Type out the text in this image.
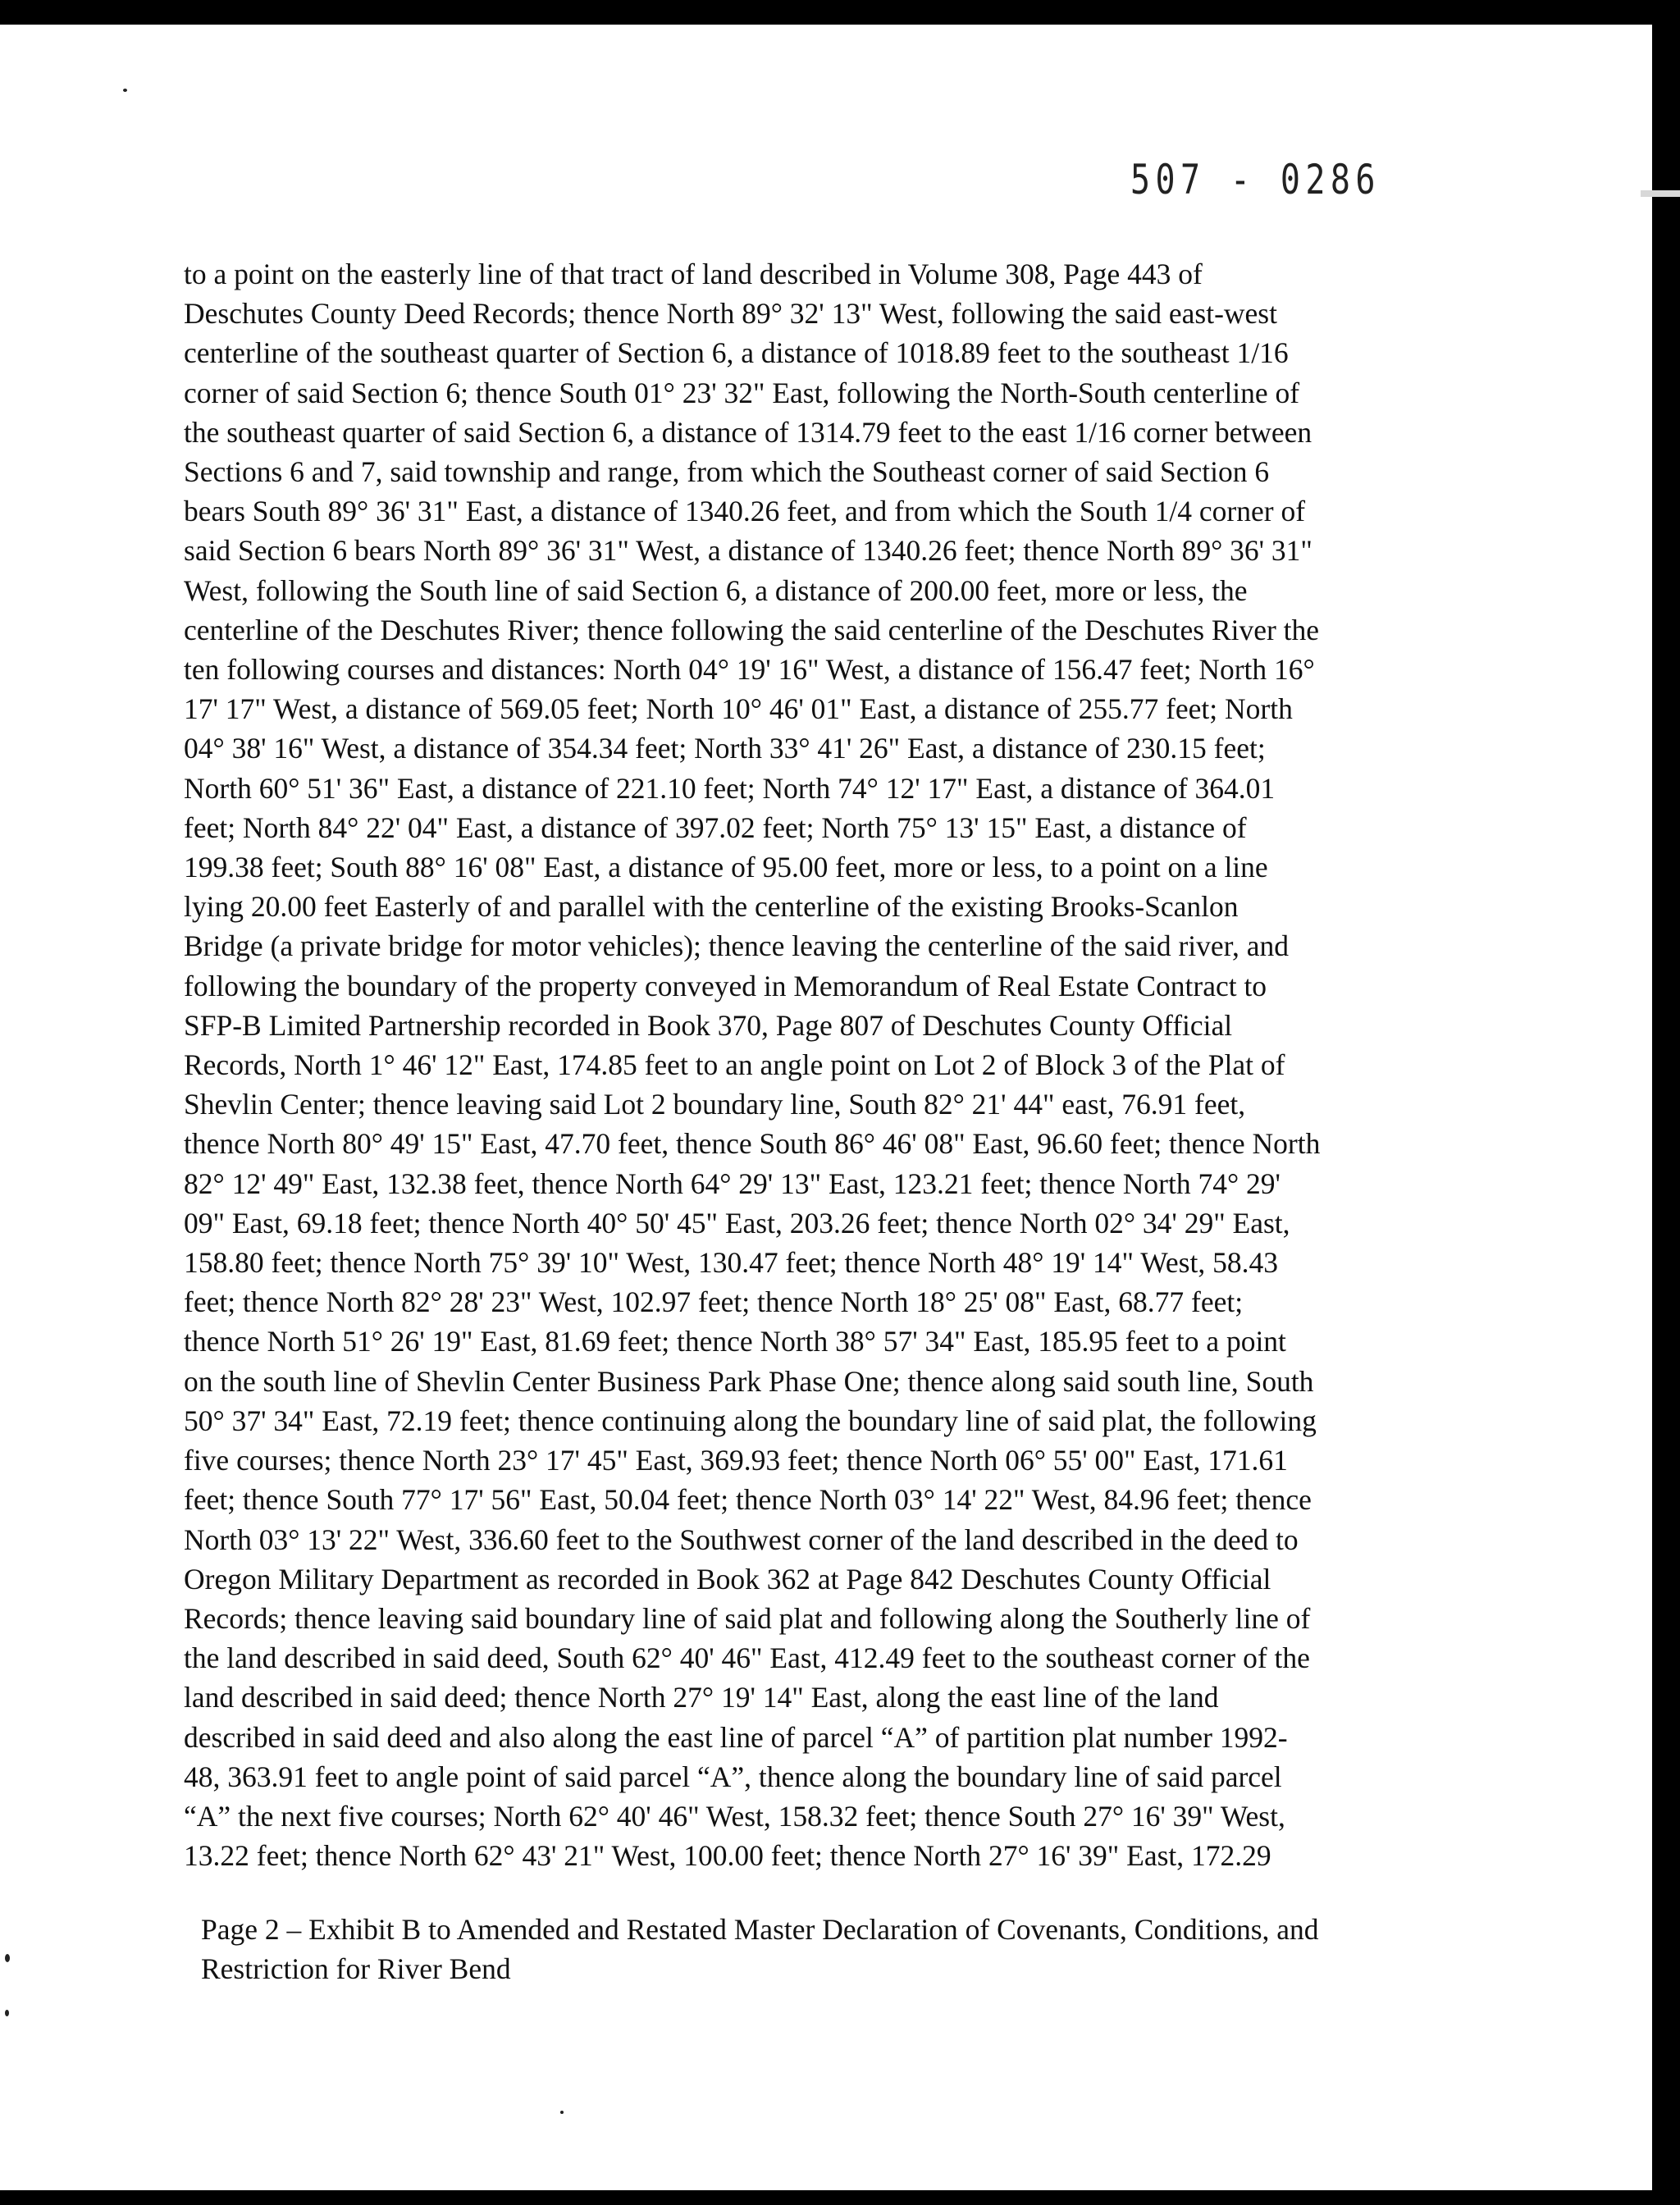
507 - 0286
to a point on the easterly line of that tract of land described in Volume 308, Page 443 of
Deschutes County Deed Records; thence North 89° 32' 13" West, following the said east-west
centerline of the southeast quarter of Section 6, a distance of 1018.89 feet to the southeast 1/16
corner of said Section 6; thence South 01° 23' 32" East, following the North-South centerline of
the southeast quarter of said Section 6, a distance of 1314.79 feet to the east 1/16 corner between
Sections 6 and 7, said township and range, from which the Southeast corner of said Section 6
bears South 89° 36' 31" East, a distance of 1340.26 feet, and from which the South 1/4 corner of
said Section 6 bears North 89° 36' 31" West, a distance of 1340.26 feet; thence North 89° 36' 31"
West, following the South line of said Section 6, a distance of 200.00 feet, more or less, the
centerline of the Deschutes River; thence following the said centerline of the Deschutes River the
ten following courses and distances: North 04° 19' 16" West, a distance of 156.47 feet; North 16°
17' 17" West, a distance of 569.05 feet; North 10° 46' 01" East, a distance of 255.77 feet; North
04° 38' 16" West, a distance of 354.34 feet; North 33° 41' 26" East, a distance of 230.15 feet;
North 60° 51' 36" East, a distance of 221.10 feet; North 74° 12' 17" East, a distance of 364.01
feet; North 84° 22' 04" East, a distance of 397.02 feet; North 75° 13' 15" East, a distance of
199.38 feet; South 88° 16' 08" East, a distance of 95.00 feet, more or less, to a point on a line
lying 20.00 feet Easterly of and parallel with the centerline of the existing Brooks-Scanlon
Bridge (a private bridge for motor vehicles); thence leaving the centerline of the said river, and
following the boundary of the property conveyed in Memorandum of Real Estate Contract to
SFP-B Limited Partnership recorded in Book 370, Page 807 of Deschutes County Official
Records, North 1° 46' 12" East, 174.85 feet to an angle point on Lot 2 of Block 3 of the Plat of
Shevlin Center; thence leaving said Lot 2 boundary line, South 82° 21' 44" east, 76.91 feet,
thence North 80° 49' 15" East, 47.70 feet, thence South 86° 46' 08" East, 96.60 feet; thence North
82° 12' 49" East, 132.38 feet, thence North 64° 29' 13" East, 123.21 feet; thence North 74° 29'
09" East, 69.18 feet; thence North 40° 50' 45" East, 203.26 feet; thence North 02° 34' 29" East,
158.80 feet; thence North 75° 39' 10" West, 130.47 feet; thence North 48° 19' 14" West, 58.43
feet; thence North 82° 28' 23" West, 102.97 feet; thence North 18° 25' 08" East, 68.77 feet;
thence North 51° 26' 19" East, 81.69 feet; thence North 38° 57' 34" East, 185.95 feet to a point
on the south line of Shevlin Center Business Park Phase One; thence along said south line, South
50° 37' 34" East, 72.19 feet; thence continuing along the boundary line of said plat, the following
five courses; thence North 23° 17' 45" East, 369.93 feet; thence North 06° 55' 00" East, 171.61
feet; thence South 77° 17' 56" East, 50.04 feet; thence North 03° 14' 22" West, 84.96 feet; thence
North 03° 13' 22" West, 336.60 feet to the Southwest corner of the land described in the deed to
Oregon Military Department as recorded in Book 362 at Page 842 Deschutes County Official
Records; thence leaving said boundary line of said plat and following along the Southerly line of
the land described in said deed, South 62° 40' 46" East, 412.49 feet to the southeast corner of the
land described in said deed; thence North 27° 19' 14" East, along the east line of the land
described in said deed and also along the east line of parcel “A” of partition plat number 1992-
48, 363.91 feet to angle point of said parcel “A”, thence along the boundary line of said parcel
“A” the next five courses; North 62° 40' 46" West, 158.32 feet; thence South 27° 16' 39" West,
13.22 feet; thence North 62° 43' 21" West, 100.00 feet; thence North 27° 16' 39" East, 172.29
Page 2 – Exhibit B to Amended and Restated Master Declaration of Covenants, Conditions, and
Restriction for River Bend
